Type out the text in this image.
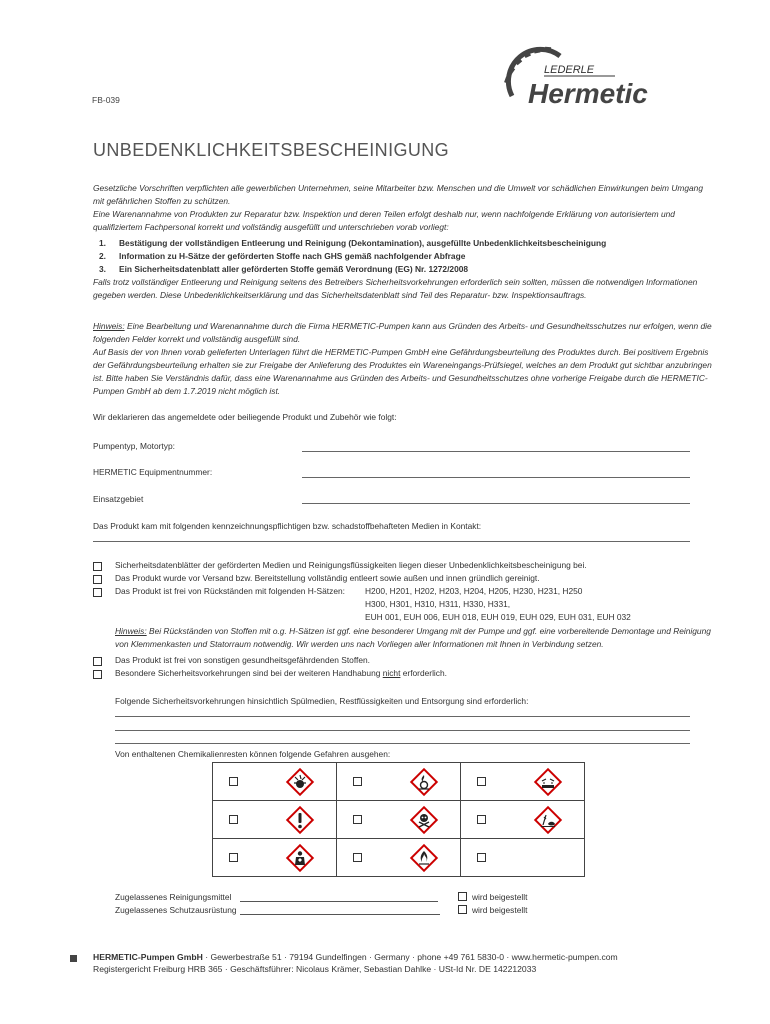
FB-039
LEDERLE
Hermetic
UNBEDENKLICHKEITSBESCHEINIGUNG

Gesetzliche Vorschriften verpflichten alle gewerblichen Unternehmen, seine Mitarbeiter bzw. Menschen und die Umwelt vor schädlichen Einwirkungen beim Umgang mit gefährlichen Stoffen zu schützen.

Eine Warenannahme von Produkten zur Reparatur bzw. Inspektion und deren Teilen erfolgt deshalb nur, wenn nachfolgende Erklärung von autorisiertem und qualifiziertem Fachpersonal korrekt und vollständig ausgefüllt und unterschrieben vorab vorliegt:

1. Bestätigung der vollständigen Entleerung und Reinigung (Dekontamination), ausgefüllte Unbedenklichkeitsbescheinigung
2. Information zu H-Sätze der geförderten Stoffe nach GHS gemäß nachfolgender Abfrage
3. Ein Sicherheitsdatenblatt aller geförderten Stoffe gemäß Verordnung (EG) Nr. 1272/2008

Falls trotz vollständiger Entleerung und Reinigung seitens des Betreibers Sicherheitsvorkehrungen erforderlich sein sollten, müssen die notwendigen Informationen gegeben werden. Diese Unbedenklichkeitserklärung und das Sicherheitsdatenblatt sind Teil des Reparatur- bzw. Inspektionsauftrags.

Hinweis: Eine Bearbeitung und Warenannahme durch die Firma HERMETIC-Pumpen kann aus Gründen des Arbeits- und Gesundheitsschutzes nur erfolgen, wenn die folgenden Felder korrekt und vollständig ausgefüllt sind.

Auf Basis der von Ihnen vorab gelieferten Unterlagen führt die HERMETIC-Pumpen GmbH eine Gefährdungsbeurteilung des Produktes durch. Bei positivem Ergebnis der Gefährdungsbeurteilung erhalten sie zur Freigabe der Anlieferung des Produktes ein Wareneingangs-Prüfsiegel, welches an dem Produkt gut sichtbar anzubringen ist. Bitte haben Sie Verständnis dafür, dass eine Warenannahme aus Gründen des Arbeits- und Gesundheitsschutzes ohne vorherige Freigabe durch die HERMETIC-Pumpen GmbH ab dem 1.7.2019 nicht möglich ist.

Wir deklarieren das angemeldete oder beiliegende Produkt und Zubehör wie folgt:
Pumpentyp, Motortyp:
HERMETIC Equipmentnummer:
Einsatzgebiet
Das Produkt kam mit folgenden kennzeichnungspflichtigen bzw. schadstoffbehafteten Medien in Kontakt:
Sicherheitsdatenblätter der geförderten Medien und Reinigungsflüssigkeiten liegen dieser Unbedenklichkeitsbescheinigung bei.
Das Produkt wurde vor Versand bzw. Bereitstellung vollständig entleert sowie außen und innen gründlich gereinigt.
Das Produkt ist frei von Rückständen mit folgenden H-Sätzen: H200, H201, H202, H203, H204, H205, H230, H231, H250
H300, H301, H310, H311, H330, H331,
EUH 001, EUH 006, EUH 018, EUH 019, EUH 029, EUH 031, EUH 032
Hinweis: Bei Rückständen von Stoffen mit o.g. H-Sätzen ist ggf. eine besonderer Umgang mit der Pumpe und ggf. eine vorbereitende Demontage und Reinigung von Klemmenkasten und Statorraum notwendig. Wir werden uns nach Vorliegen aller Informationen mit Ihnen in Verbindung setzen.
Das Produkt ist frei von sonstigen gesundheitsgefährdenden Stoffen.
Besondere Sicherheitsvorkehrungen sind bei der weiteren Handhabung nicht erforderlich.
Folgende Sicherheitsvorkehrungen hinsichtlich Spülmedien, Restflüssigkeiten und Entsorgung sind erforderlich:
Von enthaltenen Chemikalienresten können folgende Gefahren ausgehen:

Zugelassenes Reinigungsmittel	wird beigestellt
Zugelassenes Schutzausrüstung	wird beigestellt
HERMETIC-Pumpen GmbH · Gewerbestraße 51 · 79194 Gundelfingen · Germany · phone +49 761 5830-0 · www.hermetic-pumpen.com
Registergericht Freiburg HRB 365 · Geschäftsführer: Nicolaus Krämer, Sebastian Dahlke · USt-Id Nr. DE 142212033
